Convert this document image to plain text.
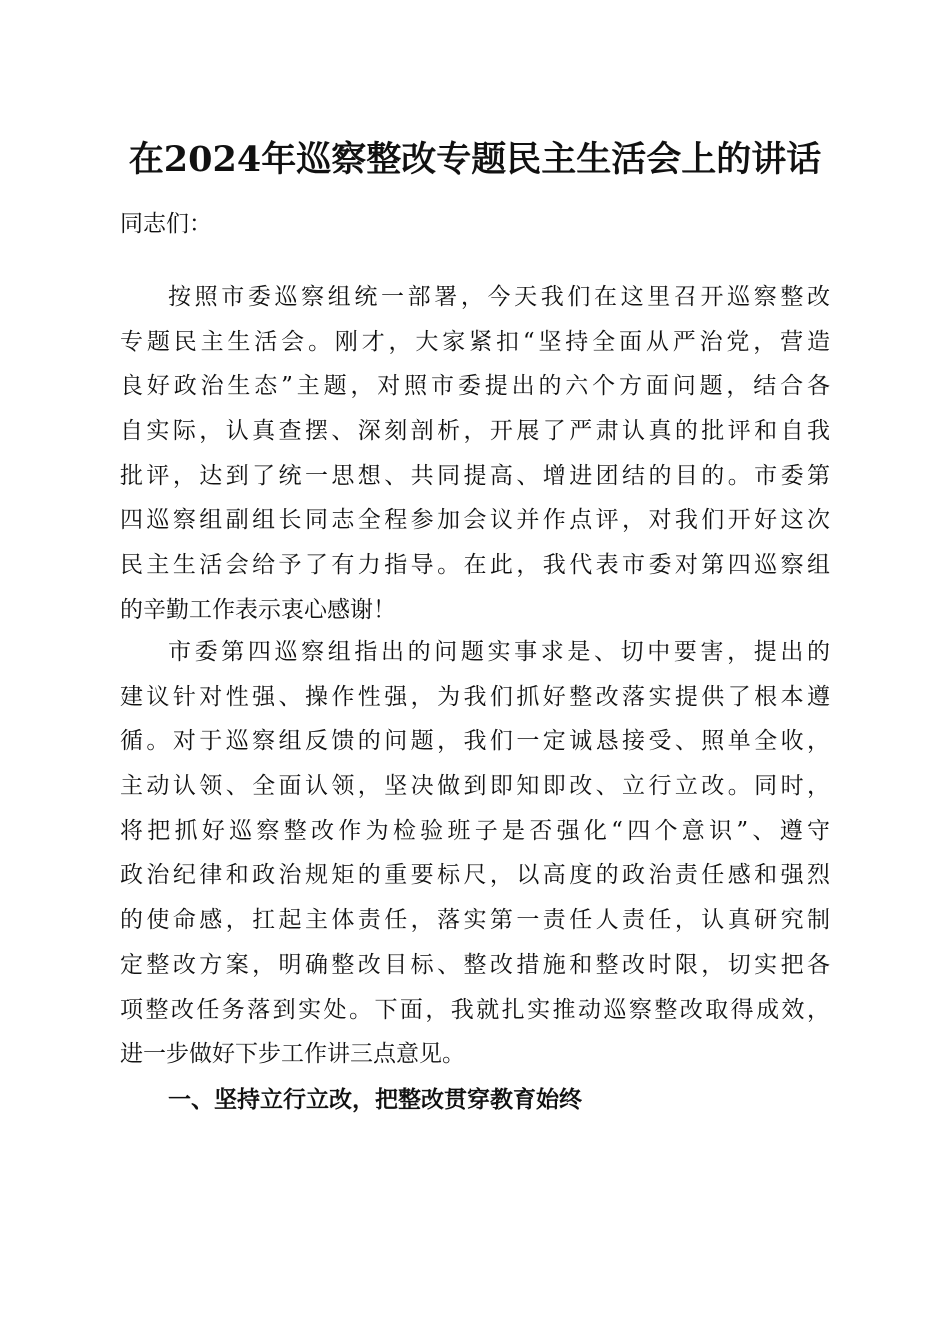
在2024年巡察整改专题民主生活会上的讲话
同志们：
按照市委巡察组统一部署，今天我们在这里召开巡察整改
专题民主生活会。刚才，大家紧扣“坚持全面从严治党，营造
良好政治生态”主题，对照市委提出的六个方面问题，结合各
自实际，认真查摆、深刻剖析，开展了严肃认真的批评和自我
批评，达到了统一思想、共同提高、增进团结的目的。市委第
四巡察组副组长同志全程参加会议并作点评，对我们开好这次
民主生活会给予了有力指导。在此，我代表市委对第四巡察组
的辛勤工作表示衷心感谢！
市委第四巡察组指出的问题实事求是、切中要害，提出的
建议针对性强、操作性强，为我们抓好整改落实提供了根本遵
循。对于巡察组反馈的问题，我们一定诚恳接受、照单全收，
主动认领、全面认领，坚决做到即知即改、立行立改。同时，
将把抓好巡察整改作为检验班子是否强化“四个意识”、遵守
政治纪律和政治规矩的重要标尺，以高度的政治责任感和强烈
的使命感，扛起主体责任，落实第一责任人责任，认真研究制
定整改方案，明确整改目标、整改措施和整改时限，切实把各
项整改任务落到实处。下面，我就扎实推动巡察整改取得成效，
进一步做好下步工作讲三点意见。
一、坚持立行立改，把整改贯穿教育始终
